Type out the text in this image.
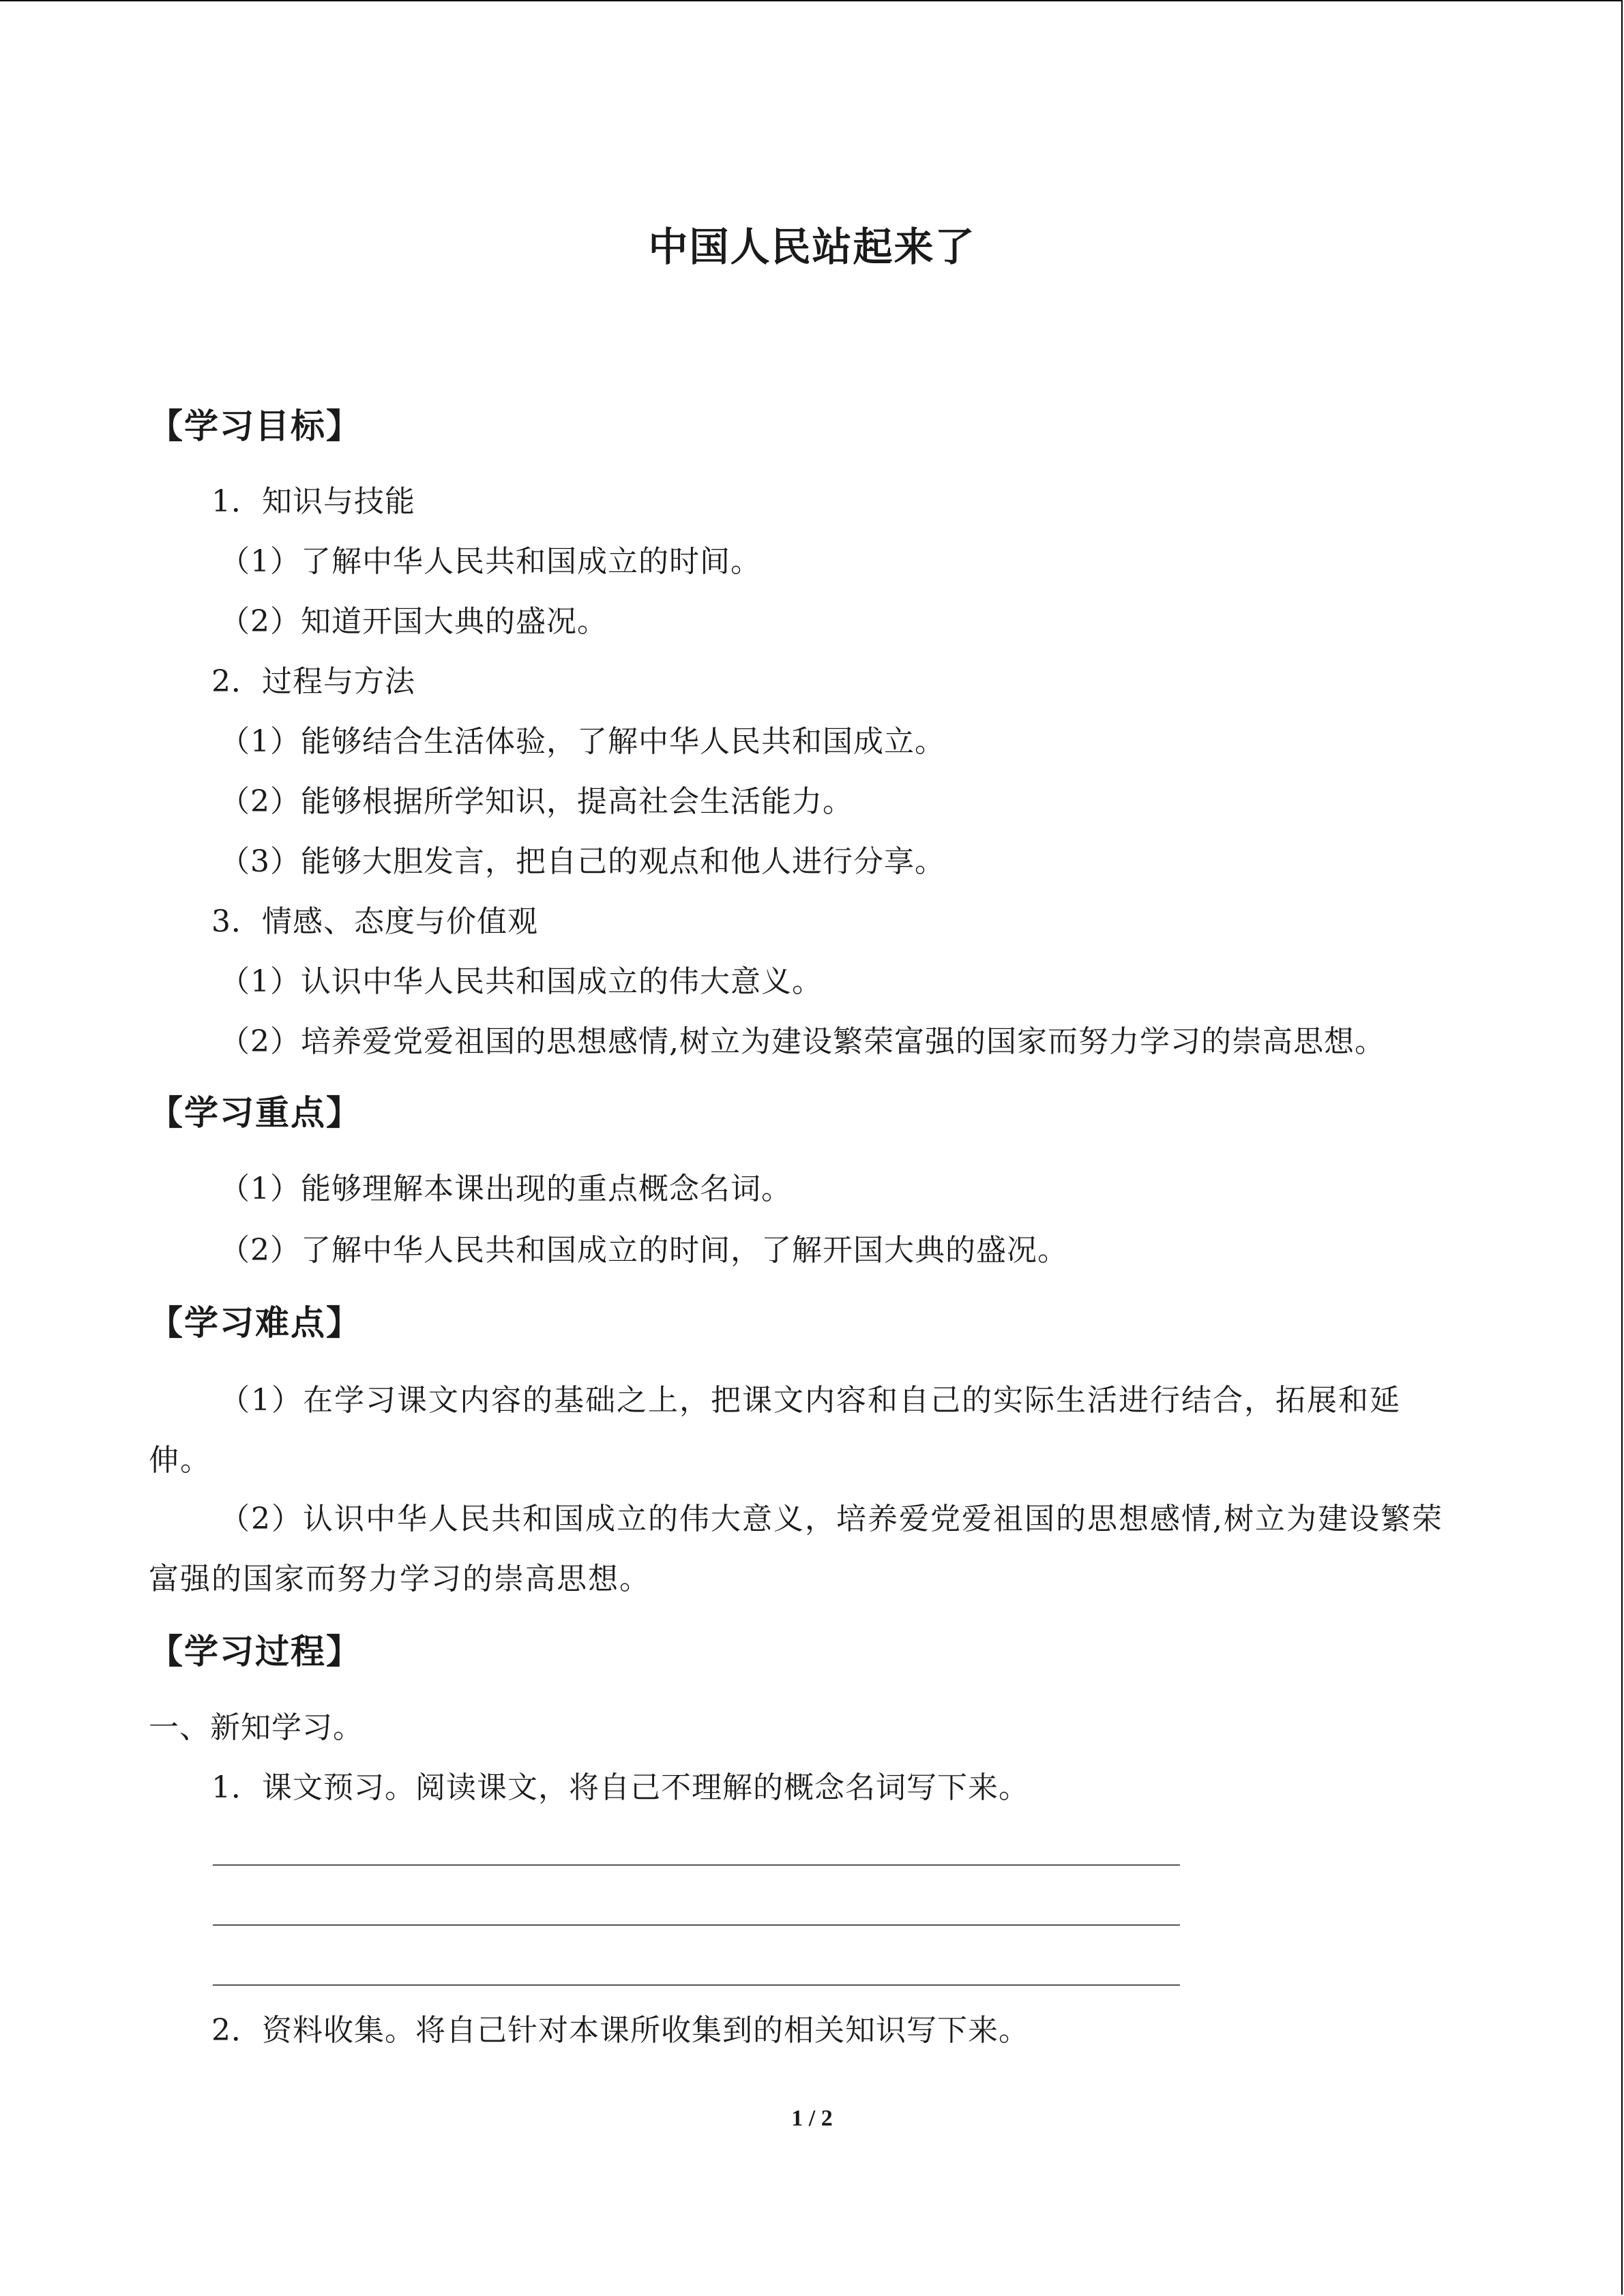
中国人民站起来了
【学习目标】
1．知识与技能
（1）了解中华人民共和国成立的时间。
（2）知道开国大典的盛况。
2．过程与方法
（1）能够结合生活体验，了解中华人民共和国成立。
（2）能够根据所学知识，提高社会生活能力。
（3）能够大胆发言，把自己的观点和他人进行分享。
3．情感、态度与价值观
（1）认识中华人民共和国成立的伟大意义。
（2）培养爱党爱祖国的思想感情,树立为建设繁荣富强的国家而努力学习的崇高思想。
【学习重点】
（1）能够理解本课出现的重点概念名词。
（2）了解中华人民共和国成立的时间，了解开国大典的盛况。
【学习难点】
（1）在学习课文内容的基础之上，把课文内容和自己的实际生活进行结合，拓展和延伸。
（2）认识中华人民共和国成立的伟大意义，培养爱党爱祖国的思想感情,树立为建设繁荣富强的国家而努力学习的崇高思想。
【学习过程】
一、新知学习。
1．课文预习。阅读课文，将自己不理解的概念名词写下来。
2．资料收集。将自己针对本课所收集到的相关知识写下来。
1 / 2
